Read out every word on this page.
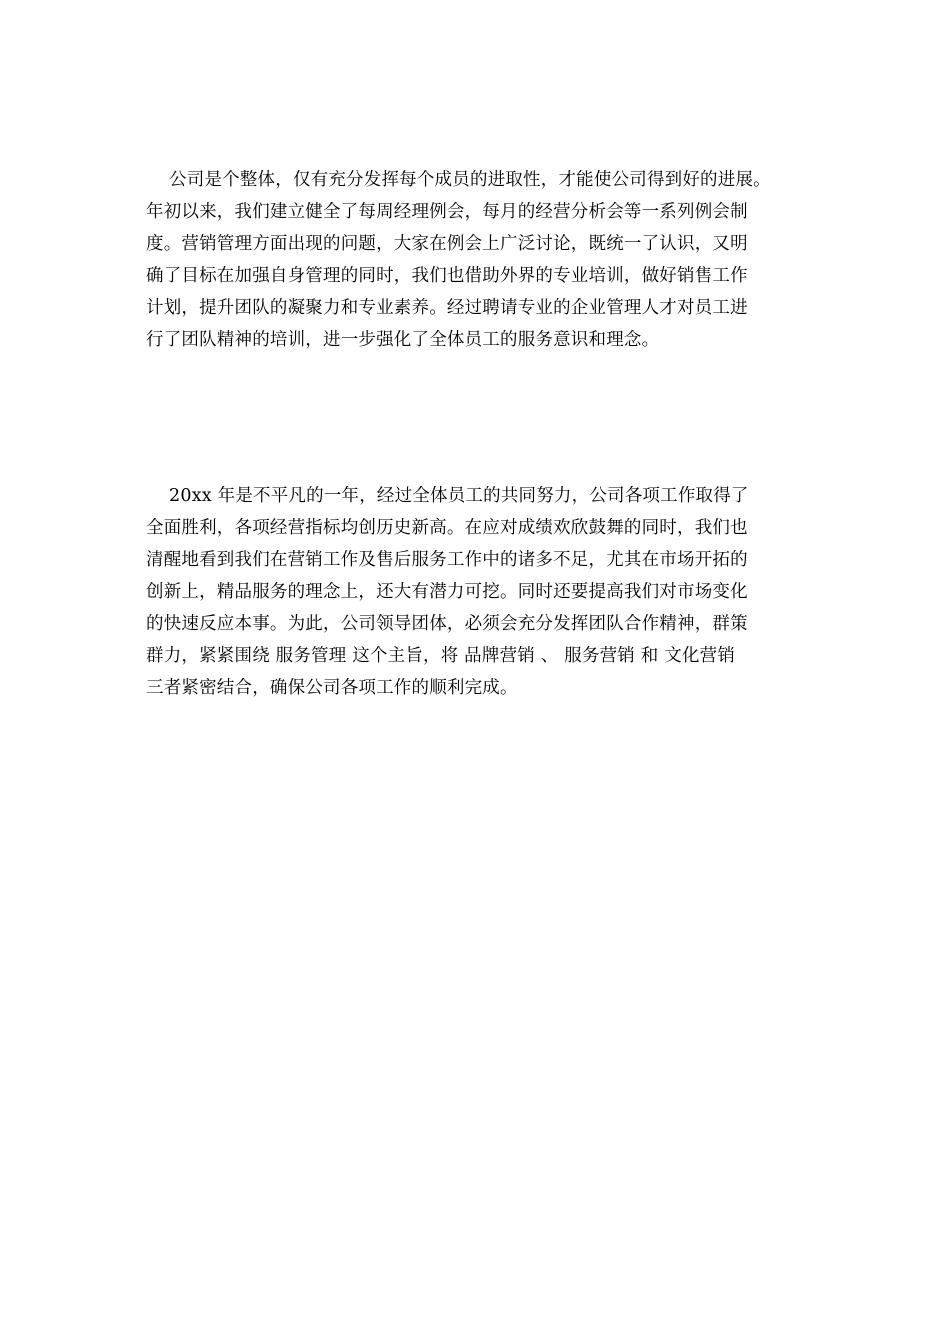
公司是个整体，仅有充分发挥每个成员的进取性，才能使公司得到好的进展。
年初以来，我们建立健全了每周经理例会，每月的经营分析会等一系列例会制
度。营销管理方面出现的问题，大家在例会上广泛讨论，既统一了认识，又明
确了目标在加强自身管理的同时，我们也借助外界的专业培训，做好销售工作
计划，提升团队的凝聚力和专业素养。经过聘请专业的企业管理人才对员工进
行了团队精神的培训，进一步强化了全体员工的服务意识和理念。
20xx 年是不平凡的一年，经过全体员工的共同努力，公司各项工作取得了
全面胜利，各项经营指标均创历史新高。在应对成绩欢欣鼓舞的同时，我们也
清醒地看到我们在营销工作及售后服务工作中的诸多不足，尤其在市场开拓的
创新上，精品服务的理念上，还大有潜力可挖。同时还要提高我们对市场变化
的快速反应本事。为此，公司领导团体，必须会充分发挥团队合作精神，群策
群力，紧紧围绕 服务管理 这个主旨，将 品牌营销 、 服务营销 和 文化营销
三者紧密结合，确保公司各项工作的顺利完成。
